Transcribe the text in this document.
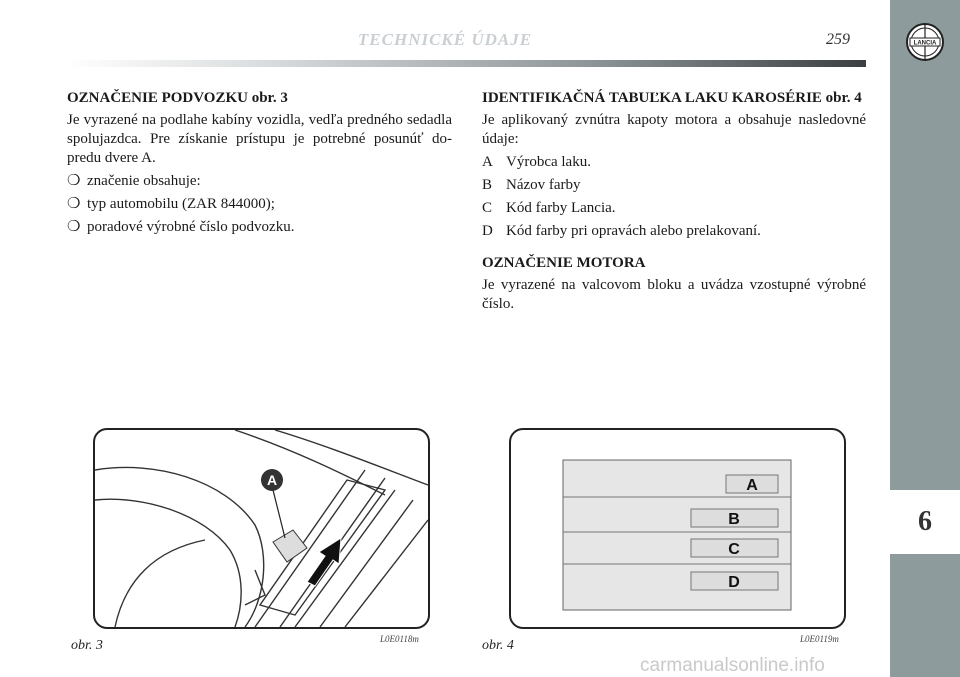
TECHNICKÉ ÚDAJE	259	LANCIA
6
OZNAČENIE PODVOZKU obr. 3

Je vyrazené na podlahe kabíny vozidla, vedľa predného sedadla spolujazdca. Pre získanie prístupu je potrebné posunúť do-predu dvere A.

❍ značenie obsahuje:
❍ typ automobilu (ZAR 844000);
❍ poradové výrobné číslo podvozku.
IDENTIFIKAČNÁ TABUĽKA LAKU KAROSÉRIE obr. 4

Je aplikovaný zvnútra kapoty motora a obsahuje nasledovné údaje:

A Výrobca laku.
B Názov farby
C Kód farby Lancia.
D Kód farby pri opravách alebo prelakovaní.
OZNAČENIE MOTORA

Je vyrazené na valcovom bloku a uvádza vzostupné výrobné číslo.

A
obr. 3	L0E0118m
A
B
C
D
obr. 4	L0E0119m
carmanualsonline.info
